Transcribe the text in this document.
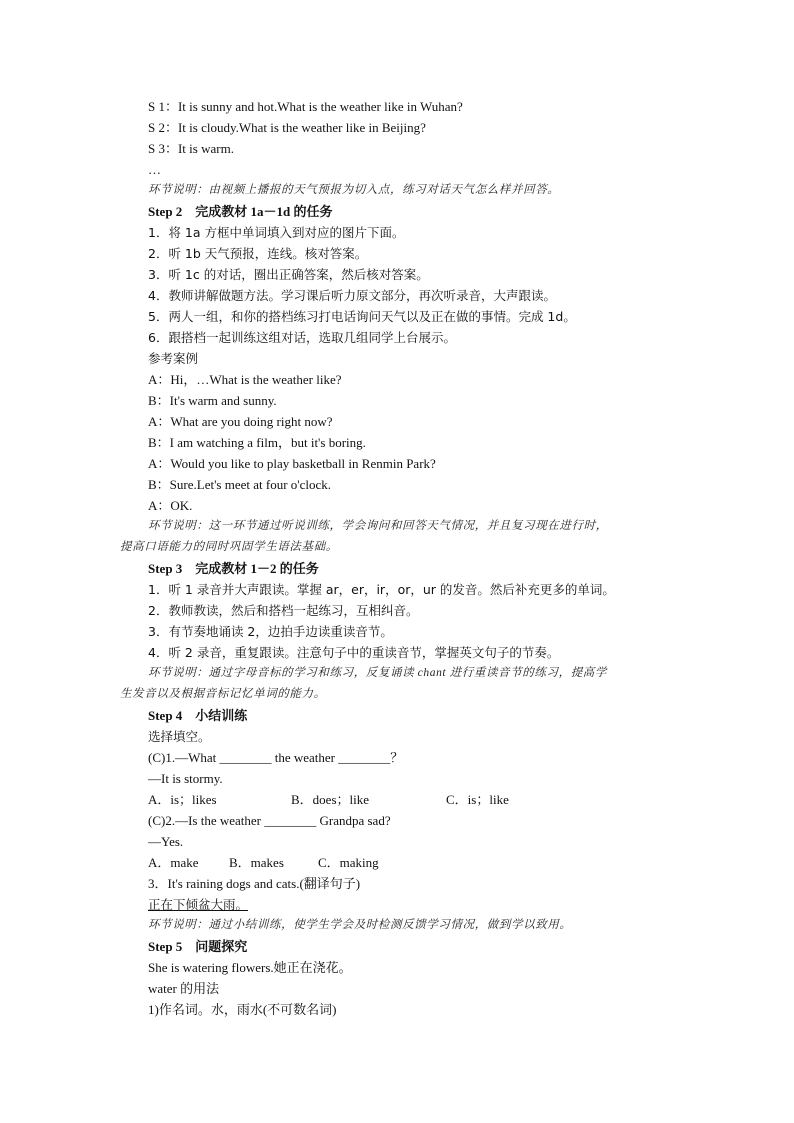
S 1：It is sunny and hot.What is the weather like in Wuhan?
S 2：It is cloudy.What is the weather like in Beijing?
S 3：It is warm.
…
环节说明：由视频上播报的天气预报为切入点，练习对话天气怎么样并回答。
Step 2　完成教材 1a－1d 的任务
1．将 1a 方框中单词填入到对应的图片下面。
2．听 1b 天气预报，连线。核对答案。
3．听 1c 的对话，圈出正确答案，然后核对答案。
4．教师讲解做题方法。学习课后听力原文部分，再次听录音，大声跟读。
5．两人一组，和你的搭档练习打电话询问天气以及正在做的事情。完成 1d。
6．跟搭档一起训练这组对话，选取几组同学上台展示。
参考案例
A：Hi，…What is the weather like?
B：It's warm and sunny.
A：What are you doing right now?
B：I am watching a film，but it's boring.
A：Would you like to play basketball in Renmin Park?
B：Sure.Let's meet at four o'clock.
A：OK.
环节说明：这一环节通过听说训练，学会询问和回答天气情况，并且复习现在进行时，
提高口语能力的同时巩固学生语法基础。
Step 3　完成教材 1－2 的任务
1．听 1 录音并大声跟读。掌握 ar，er，ir，or，ur 的发音。然后补充更多的单词。
2．教师教读，然后和搭档一起练习，互相纠音。
3．有节奏地诵读 2，边拍手边读重读音节。
4．听 2 录音，重复跟读。注意句子中的重读音节，掌握英文句子的节奏。
环节说明：通过字母音标的学习和练习，反复诵读 chant 进行重读音节的练习，提高学
生发音以及根据音标记忆单词的能力。
Step 4　小结训练
选择填空。
(C)1.—What ________ the weather ________？
—It is stormy.
A．is；likes	B．does；like	C．is；like
(C)2.—Is the weather ________ Grandpa sad?
—Yes.
A．make B．makes	C．making
3．It's raining dogs and cats.(翻译句子)
正在下倾盆大雨。
环节说明：通过小结训练，使学生学会及时检测反馈学习情况，做到学以致用。
Step 5　问题探究
She is watering flowers.她正在浇花。
water 的用法
1)作名词。水，雨水(不可数名词)
